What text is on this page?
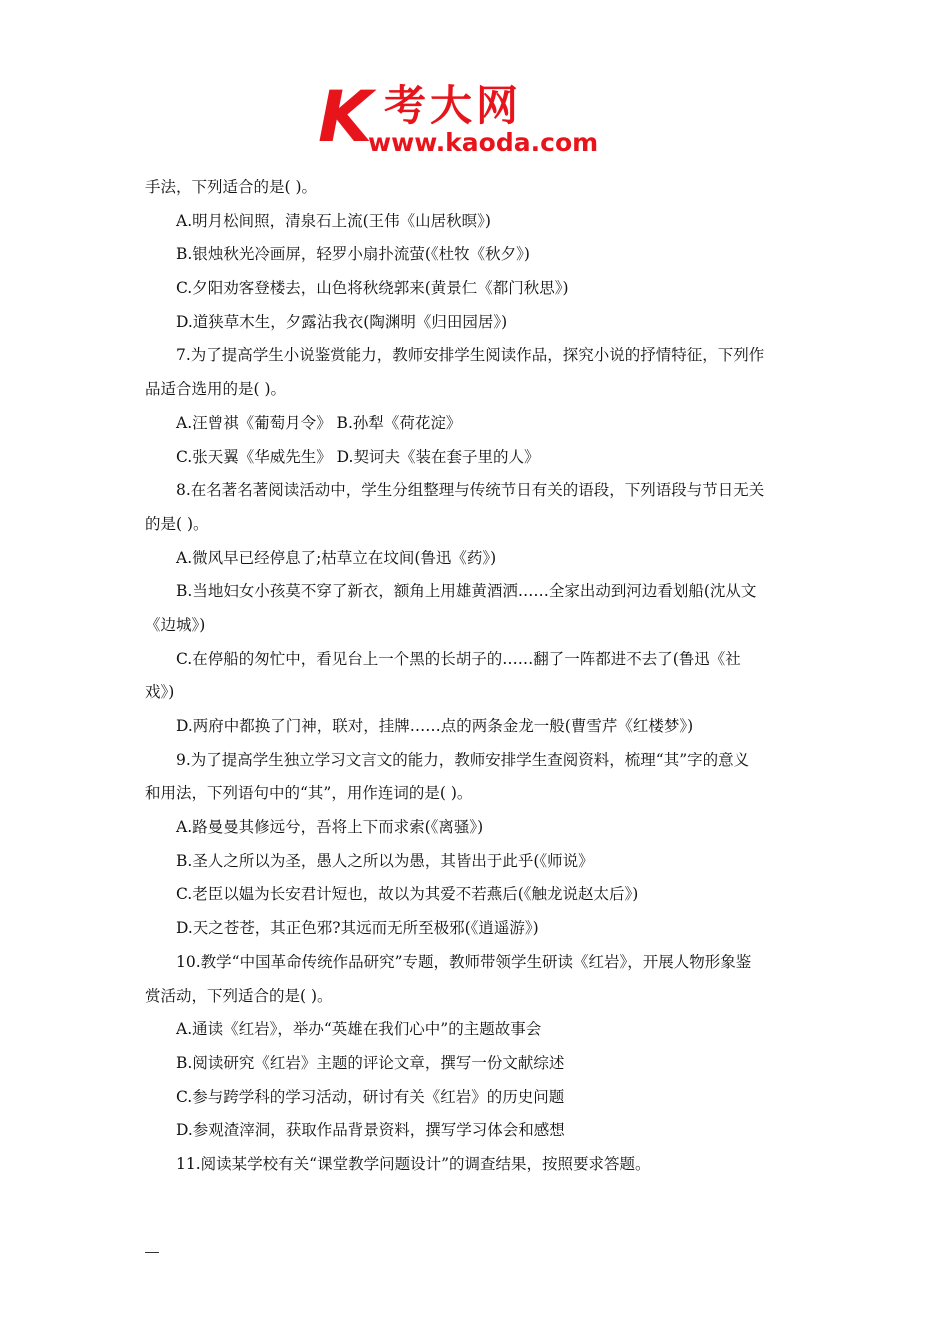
K 考大网
www.kaoda.com
手法，下列适合的是( )。
A.明月松间照，清泉石上流(王伟《山居秋暝》)
B.银烛秋光冷画屏，轻罗小扇扑流萤(《杜牧《秋夕》)
C.夕阳劝客登楼去，山色将秋绕郭来(黄景仁《都门秋思》)
D.道狭草木生，夕露沾我衣(陶渊明《归田园居》)
7.为了提高学生小说鉴赏能力，教师安排学生阅读作品，探究小说的抒情特征，下列作
品适合选用的是( )。
A.汪曾祺《葡萄月令》 B.孙犁《荷花淀》
C.张天翼《华威先生》 D.契诃夫《装在套子里的人》
8.在名著名著阅读活动中，学生分组整理与传统节日有关的语段，下列语段与节日无关
的是( )。
A.微风早已经停息了;枯草立在坟间(鲁迅《药》)
B.当地妇女小孩莫不穿了新衣，额角上用雄黄酒洒……全家出动到河边看划船(沈从文
《边城》)
C.在停船的匆忙中，看见台上一个黑的长胡子的……翻了一阵都进不去了(鲁迅《社
戏》)
D.两府中都换了门神，联对，挂牌……点的两条金龙一般(曹雪芹《红楼梦》)
9.为了提高学生独立学习文言文的能力，教师安排学生查阅资料，梳理“其”字的意义
和用法，下列语句中的“其”，用作连词的是( )。
A.路曼曼其修远兮，吾将上下而求索(《离骚》)
B.圣人之所以为圣，愚人之所以为愚，其皆出于此乎(《师说》
C.老臣以媪为长安君计短也，故以为其爱不若燕后(《触龙说赵太后》)
D.天之苍苍，其正色邪?其远而无所至极邪(《逍遥游》)
10.教学“中国革命传统作品研究”专题，教师带领学生研读《红岩》，开展人物形象鉴
赏活动，下列适合的是( )。
A.通读《红岩》，举办“英雄在我们心中”的主题故事会
B.阅读研究《红岩》主题的评论文章，撰写一份文献综述
C.参与跨学科的学习活动，研讨有关《红岩》的历史问题
D.参观渣滓洞，获取作品背景资料，撰写学习体会和感想
11.阅读某学校有关“课堂教学问题设计”的调查结果，按照要求答题。
